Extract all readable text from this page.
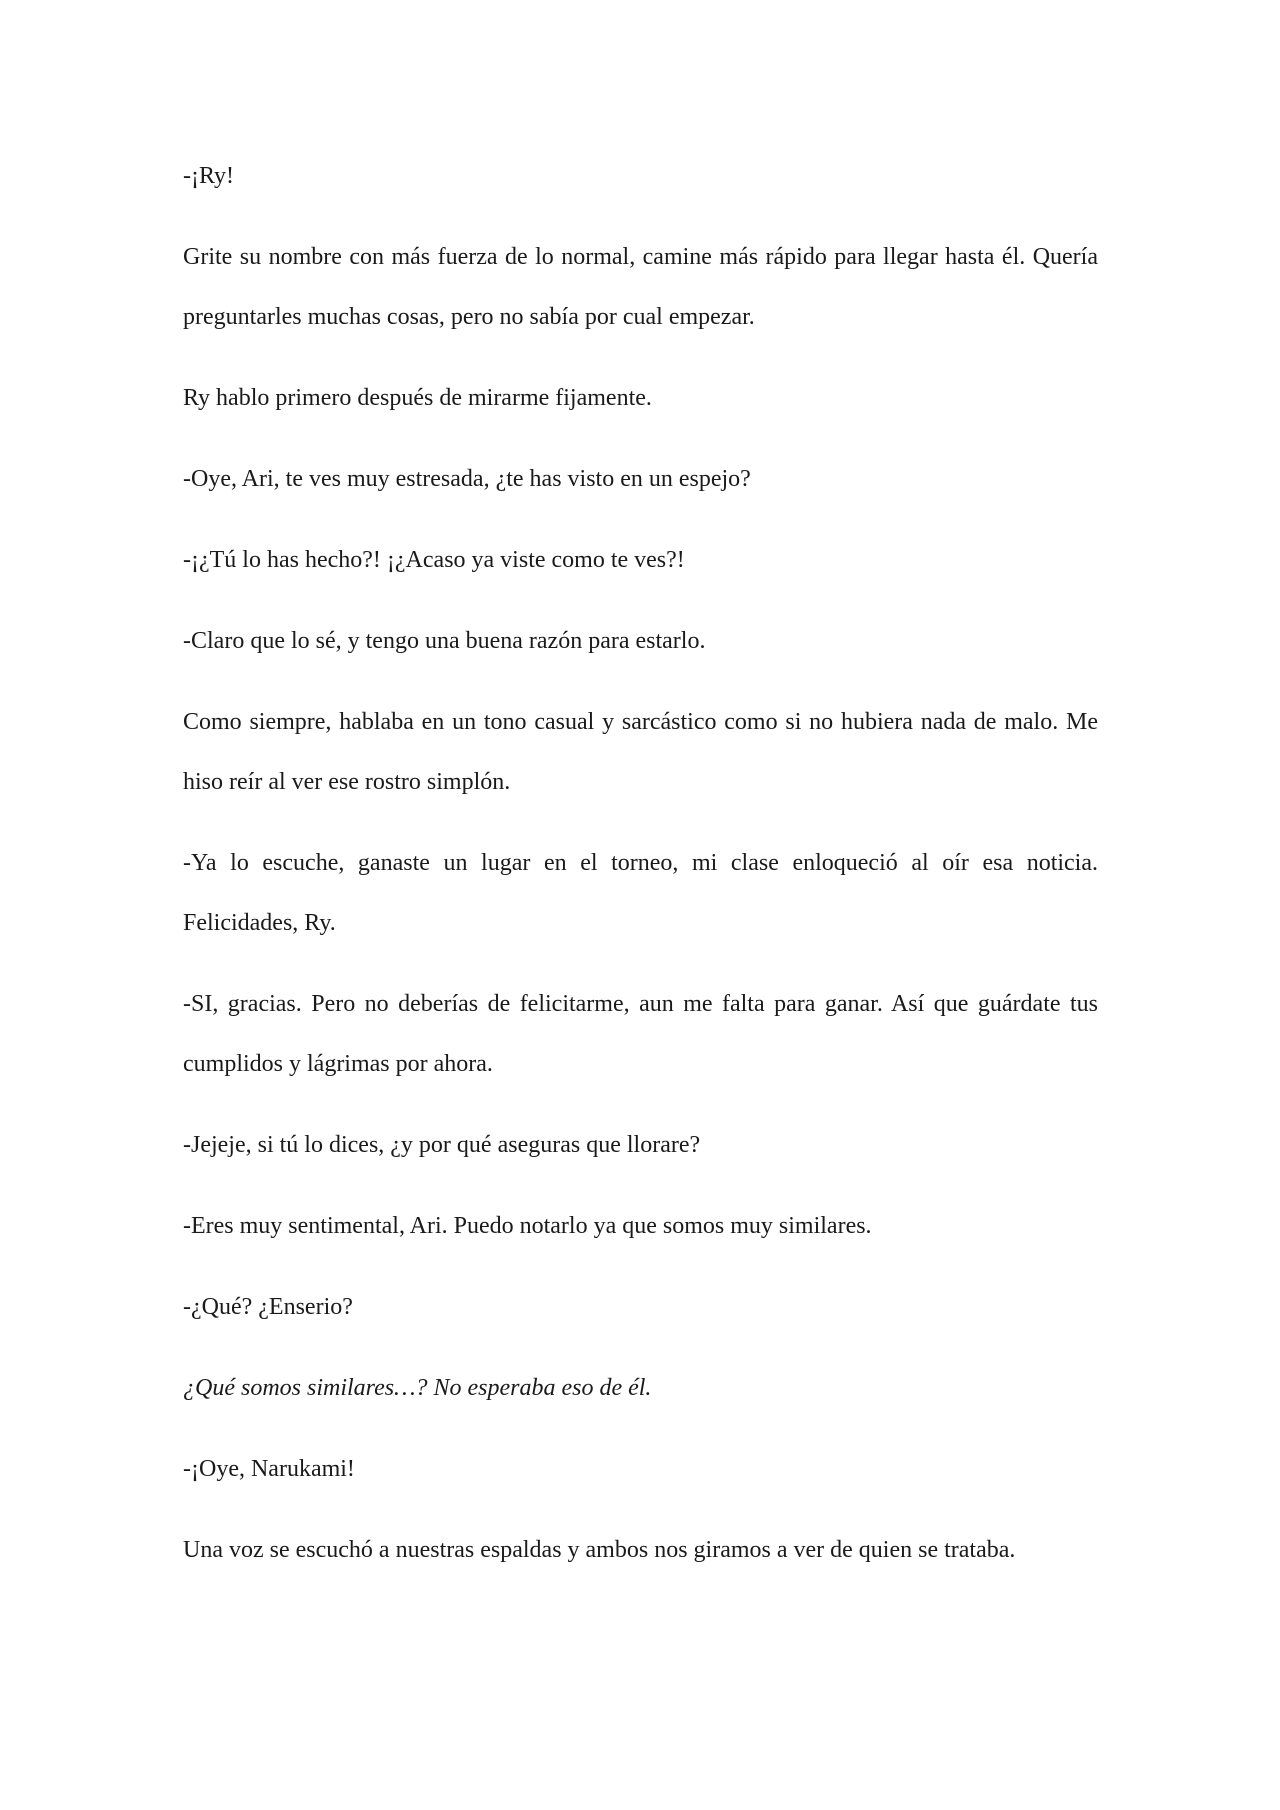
-¡Ry!

Grite su nombre con más fuerza de lo normal, camine más rápido para llegar hasta él. Quería preguntarles muchas cosas, pero no sabía por cual empezar.

Ry hablo primero después de mirarme fijamente.

-Oye, Ari, te ves muy estresada, ¿te has visto en un espejo?

-¡¿Tú lo has hecho?! ¡¿Acaso ya viste como te ves?!

-Claro que lo sé, y tengo una buena razón para estarlo.

Como siempre, hablaba en un tono casual y sarcástico como si no hubiera nada de malo. Me hiso reír al ver ese rostro simplón.

-Ya lo escuche, ganaste un lugar en el torneo, mi clase enloqueció al oír esa noticia. Felicidades, Ry.

-SI, gracias. Pero no deberías de felicitarme, aun me falta para ganar. Así que guárdate tus cumplidos y lágrimas por ahora.

-Jejeje, si tú lo dices, ¿y por qué aseguras que llorare?

-Eres muy sentimental, Ari. Puedo notarlo ya que somos muy similares.

-¿Qué? ¿Enserio?

¿Qué somos similares…? No esperaba eso de él.

-¡Oye, Narukami!

Una voz se escuchó a nuestras espaldas y ambos nos giramos a ver de quien se trataba.
